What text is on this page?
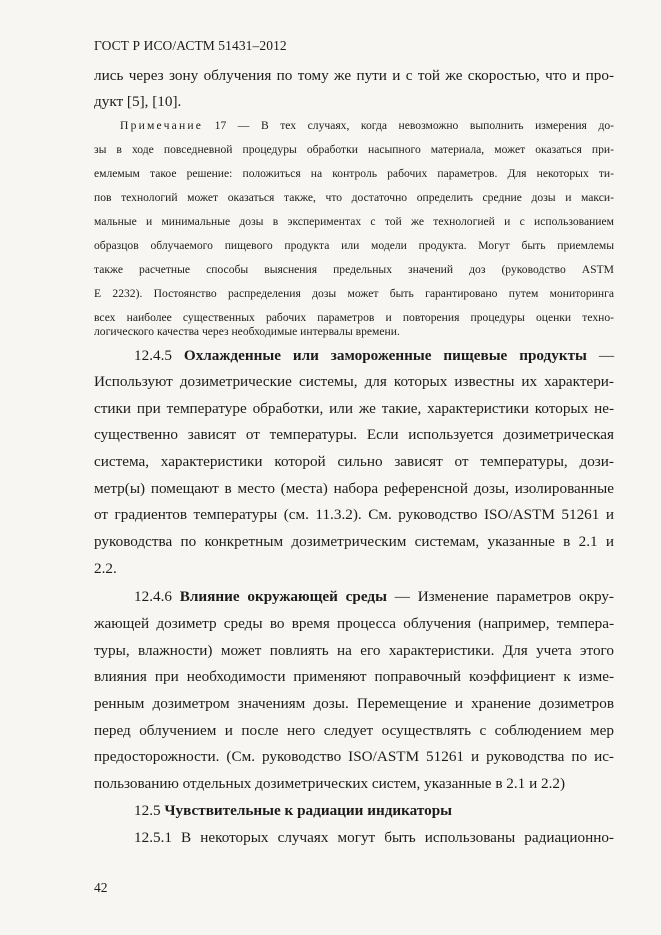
ГОСТ Р ИСО/АСТМ 51431–2012
лись через зону облучения по тому же пути и с той же скоростью, что и про-
дукт [5], [10].
Примечание 17 — В тех случаях, когда невозможно выполнить измерения до-
зы в ходе повседневной процедуры обработки насыпного материала, может оказаться при-
емлемым такое решение: положиться на контроль рабочих параметров. Для некоторых ти-
пов технологий может оказаться также, что достаточно определить средние дозы и макси-
мальные и минимальные дозы в экспериментах с той же технологией и с использованием
образцов облучаемого пищевого продукта или модели продукта. Могут быть приемлемы
также расчетные способы выяснения предельных значений доз (руководство ASTM
E 2232). Постоянство распределения дозы может быть гарантировано путем мониторинга
всех наиболее существенных рабочих параметров и повторения процедуры оценки техно-
логического качества через необходимые интервалы времени.
12.4.5 Охлажденные или замороженные пищевые продукты —
Используют дозиметрические системы, для которых известны их характери-
стики при температуре обработки, или же такие, характеристики которых не-
существенно зависят от температуры. Если используется дозиметрическая
система, характеристики которой сильно зависят от температуры, дози-
метр(ы) помещают в место (места) набора референсной дозы, изолированные
от градиентов температуры (см. 11.3.2). См. руководство ISO/ASTM 51261 и
руководства по конкретным дозиметрическим системам, указанные в 2.1 и
2.2.
12.4.6 Влияние окружающей среды — Изменение параметров окру-
жающей дозиметр среды во время процесса облучения (например, темпера-
туры, влажности) может повлиять на его характеристики. Для учета этого
влияния при необходимости применяют поправочный коэффициент к изме-
ренным дозиметром значениям дозы. Перемещение и хранение дозиметров
перед облучением и после него следует осуществлять с соблюдением мер
предосторожности. (См. руководство ISO/ASTM 51261 и руководства по ис-
пользованию отдельных дозиметрических систем, указанные в 2.1 и 2.2)
12.5 Чувствительные к радиации индикаторы
12.5.1 В некоторых случаях могут быть использованы радиационно-
42
